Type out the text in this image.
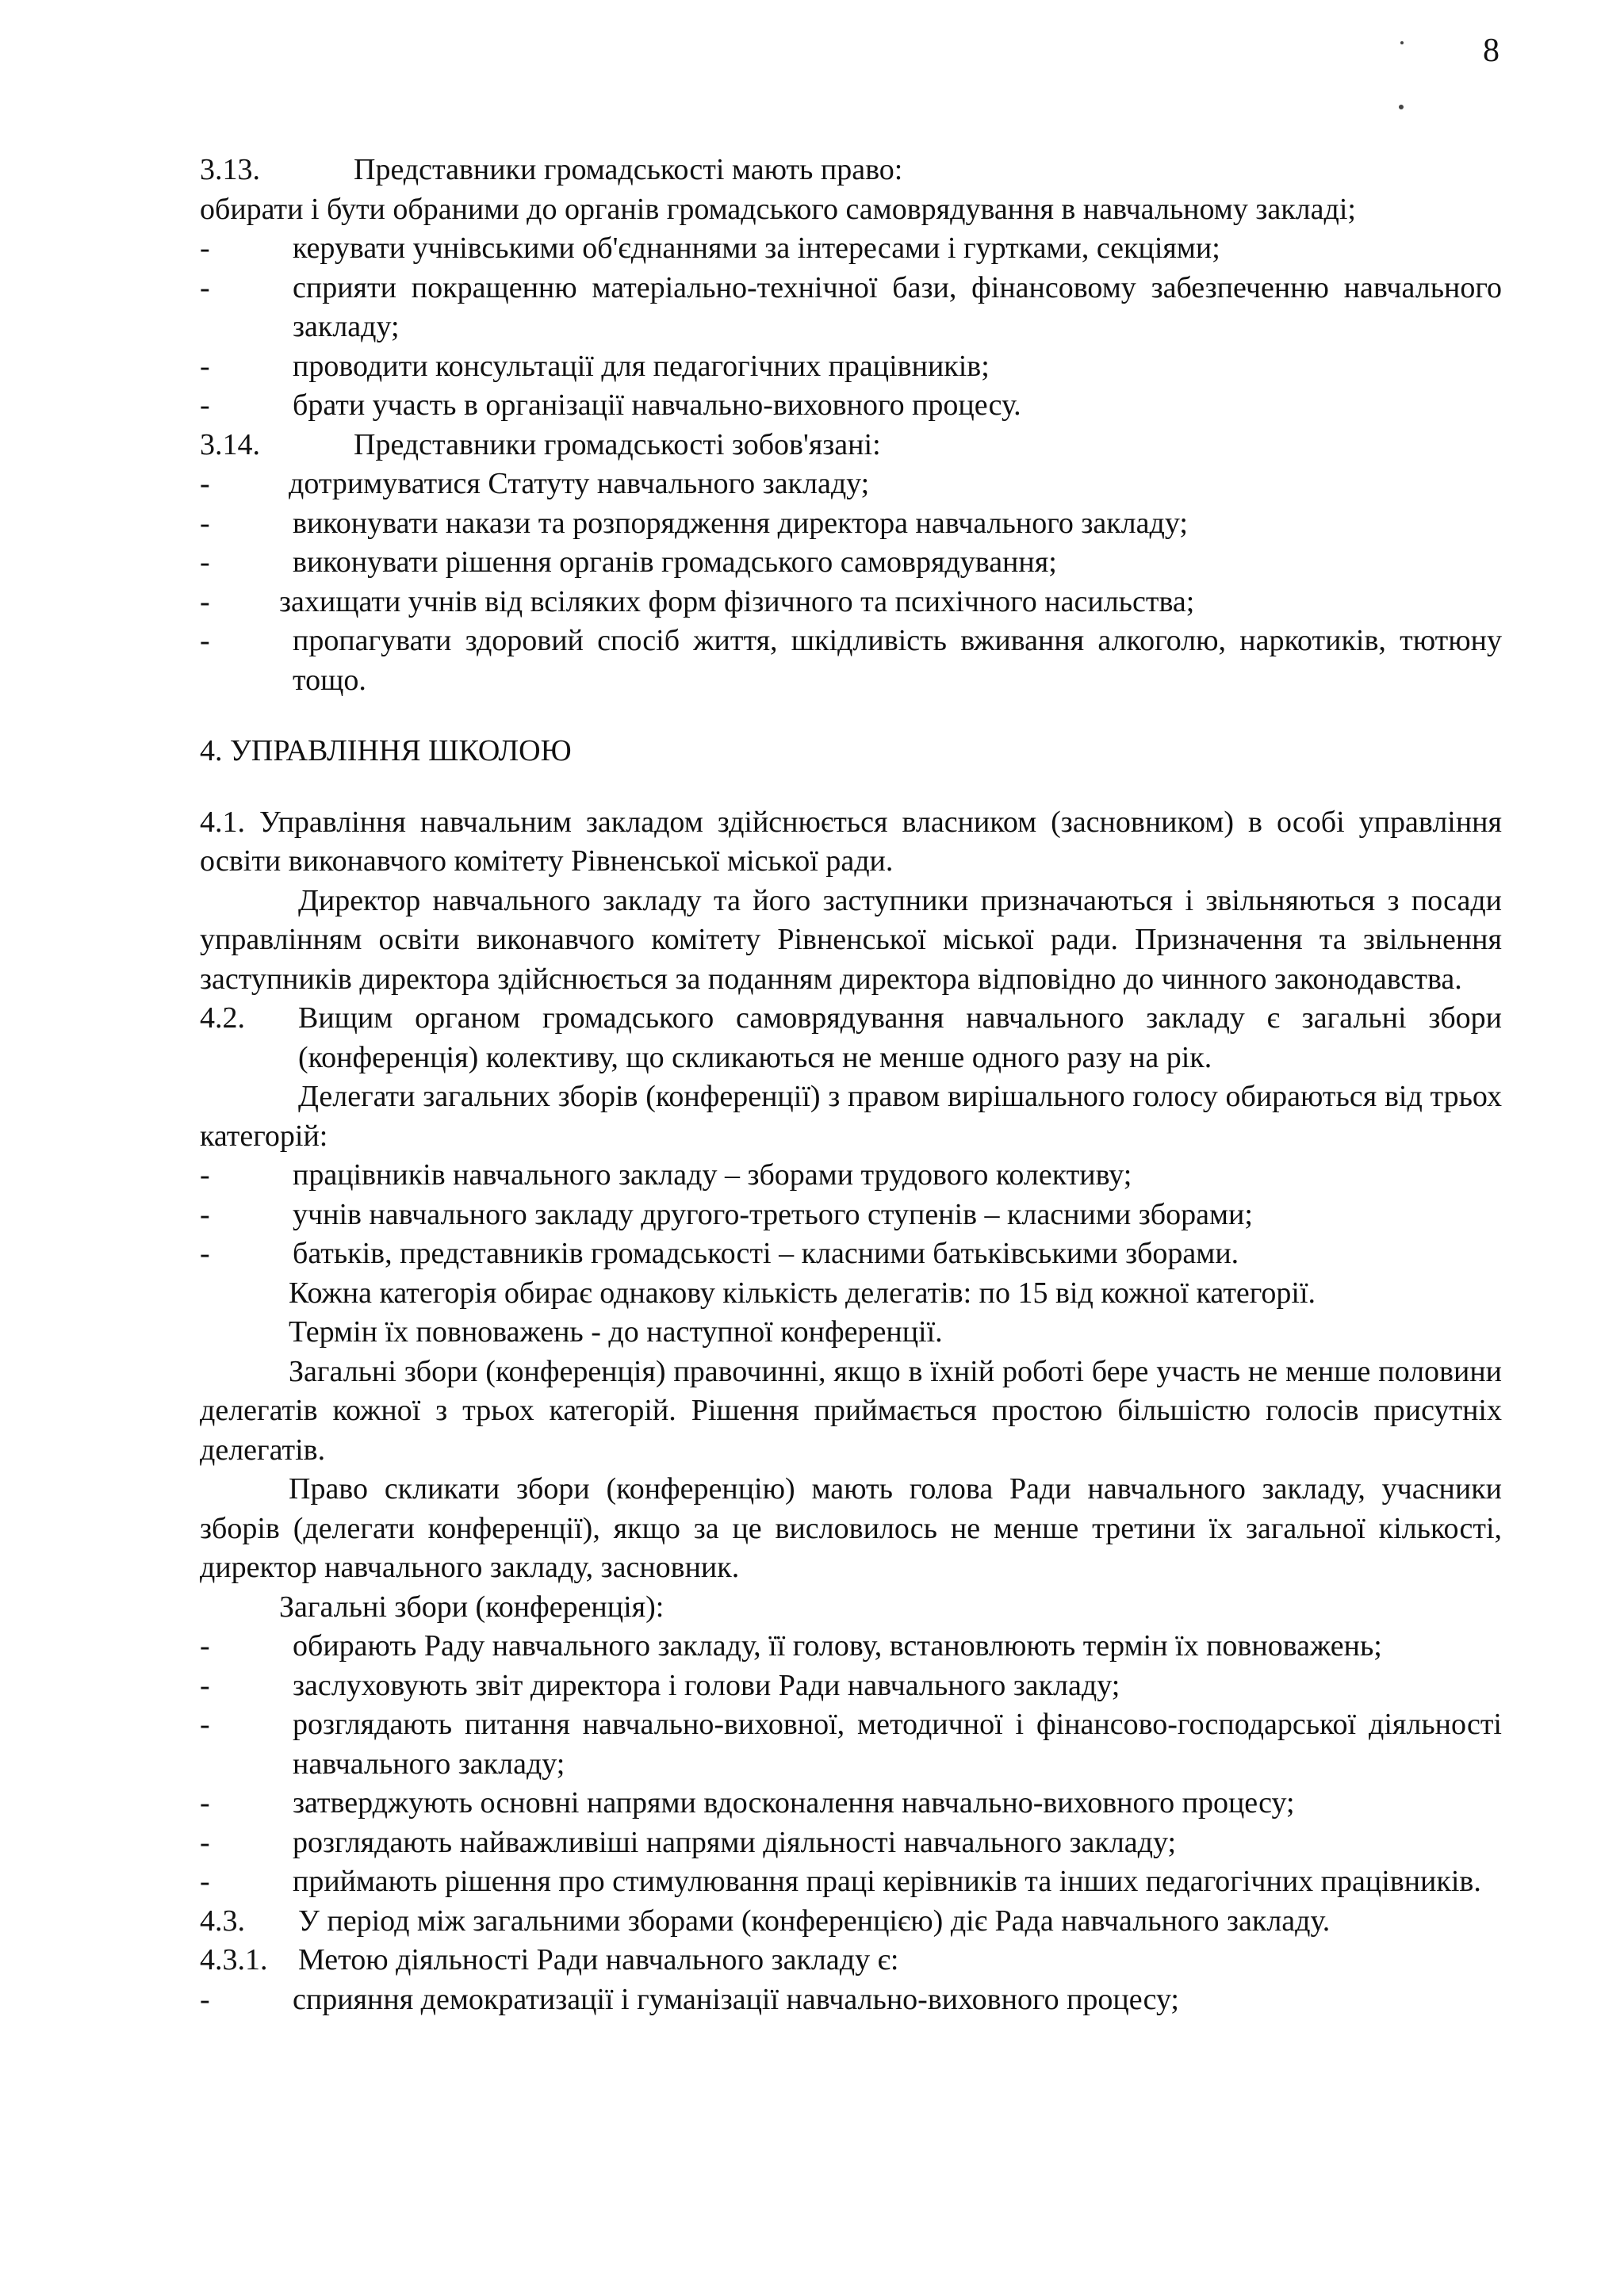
8
3.13.	Представники громадськості мають право:
обирати і бути обраними до органів громадського самоврядування в навчальному закладі;
-	керувати учнівськими об'єднаннями за інтересами і гуртками, секціями;
-	сприяти покращенню матеріально-технічної бази, фінансовому забезпеченню навчального закладу;
-	проводити консультації для педагогічних працівників;
-	брати участь в організації навчально-виховного процесу.
3.14.	Представники громадськості зобов'язані:
-	дотримуватися Статуту навчального закладу;
-	виконувати накази та розпорядження директора навчального закладу;
-	виконувати рішення органів громадського самоврядування;
-	захищати учнів від всіляких форм фізичного та психічного насильства;
-	пропагувати здоровий спосіб життя, шкідливість вживання алкоголю, наркотиків, тютюну тощо.

4. УПРАВЛІННЯ ШКОЛОЮ

4.1. Управління навчальним закладом здійснюється власником (засновником) в особі управління освіти виконавчого комітету Рівненської міської ради.

Директор навчального закладу та його заступники призначаються і звільняються з посади управлінням освіти виконавчого комітету Рівненської міської ради. Призначення та звільнення заступників директора здійснюється за поданням директора відповідно до чинного законодавства.

4.2.	Вищим органом громадського самоврядування навчального закладу є загальні збори (конференція) колективу, що скликаються не менше одного разу на рік.

Делегати загальних зборів (конференції) з правом вирішального голосу обираються від трьох категорій:

-	працівників навчального закладу – зборами трудового колективу;
-	учнів навчального закладу другого-третього ступенів – класними зборами;
-	батьків, представників громадськості – класними батьківськими зборами.

Кожна категорія обирає однакову кількість делегатів: по 15 від кожної категорії.

Термін їх повноважень - до наступної конференції.

Загальні збори (конференція) правочинні, якщо в їхній роботі бере участь не менше половини делегатів кожної з трьох категорій. Рішення приймається простою більшістю голосів присутніх делегатів.

Право скликати збори (конференцію) мають голова Ради навчального закладу, учасники зборів (делегати конференції), якщо за це висловилось не менше третини їх загальної кількості, директор навчального закладу, засновник.

Загальні збори (конференція):

-	обирають Раду навчального закладу, її голову, встановлюють термін їх повноважень;
-	заслуховують звіт директора і голови Ради навчального закладу;
-	розглядають питання навчально-виховної, методичної і фінансово-господарської діяльності навчального закладу;
-	затверджують основні напрями вдосконалення навчально-виховного процесу;
-	розглядають найважливіші напрями діяльності навчального закладу;
-	приймають рішення про стимулювання праці керівників та інших педагогічних працівників.
4.3.	У період між загальними зборами (конференцією) діє Рада навчального закладу.
4.3.1.	Метою діяльності Ради навчального закладу є:
-	сприяння демократизації і гуманізації навчально-виховного процесу;
